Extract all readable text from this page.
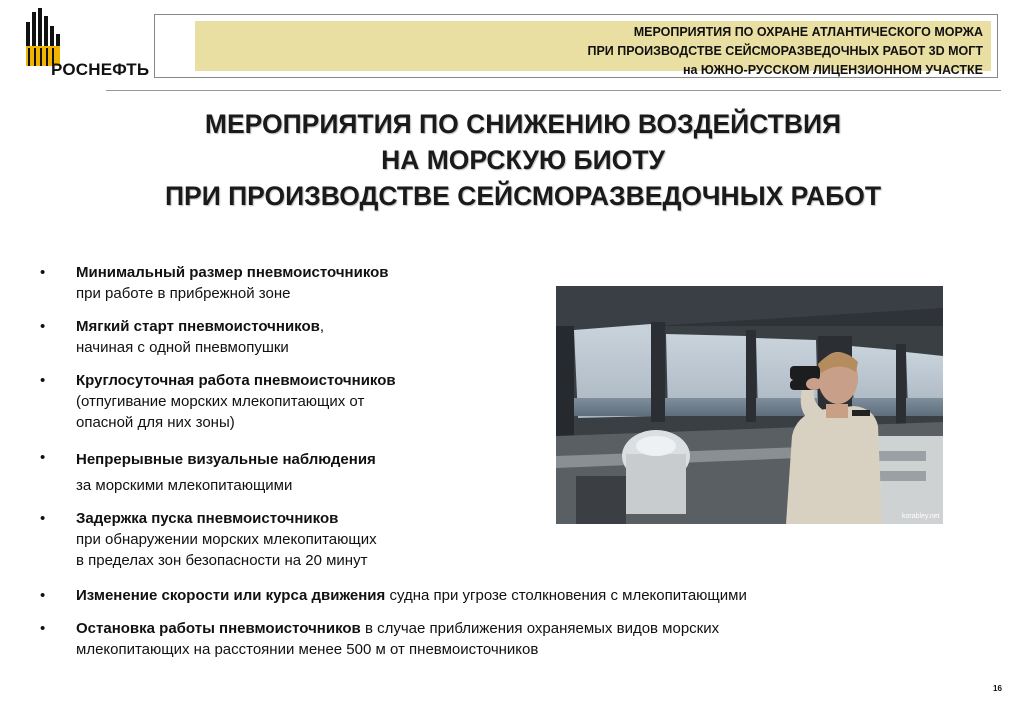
РОСНЕФТЬ
МЕРОПРИЯТИЯ ПО ОХРАНЕ АТЛАНТИЧЕСКОГО МОРЖА
ПРИ ПРОИЗВОДСТВЕ СЕЙСМОРАЗВЕДОЧНЫХ РАБОТ 3D МОГТ
на ЮЖНО-РУССКОМ ЛИЦЕНЗИОННОМ УЧАСТКЕ
МЕРОПРИЯТИЯ ПО СНИЖЕНИЮ ВОЗДЕЙСТВИЯ
НА МОРСКУЮ БИОТУ
ПРИ ПРОИЗВОДСТВЕ СЕЙСМОРАЗВЕДОЧНЫХ РАБОТ
• Минимальный размер пневмоисточников
при работе в прибрежной зоне
• Мягкий старт пневмоисточников,
начиная с одной пневмопушки
• Круглосуточная работа пневмоисточников
(отпугивание морских млекопитающих от
опасной для них зоны)
• Непрерывные визуальные наблюдения
за морскими млекопитающими
• Задержка пуска пневмоисточников
при обнаружении морских млекопитающих
в пределах зон безопасности на 20 минут
• Изменение скорости или курса движения судна при угрозе столкновения с млекопитающими
• Остановка работы пневмоисточников в случае приближения охраняемых видов морских
млекопитающих на расстоянии менее 500 м от пневмоисточников
korabley.net
16
